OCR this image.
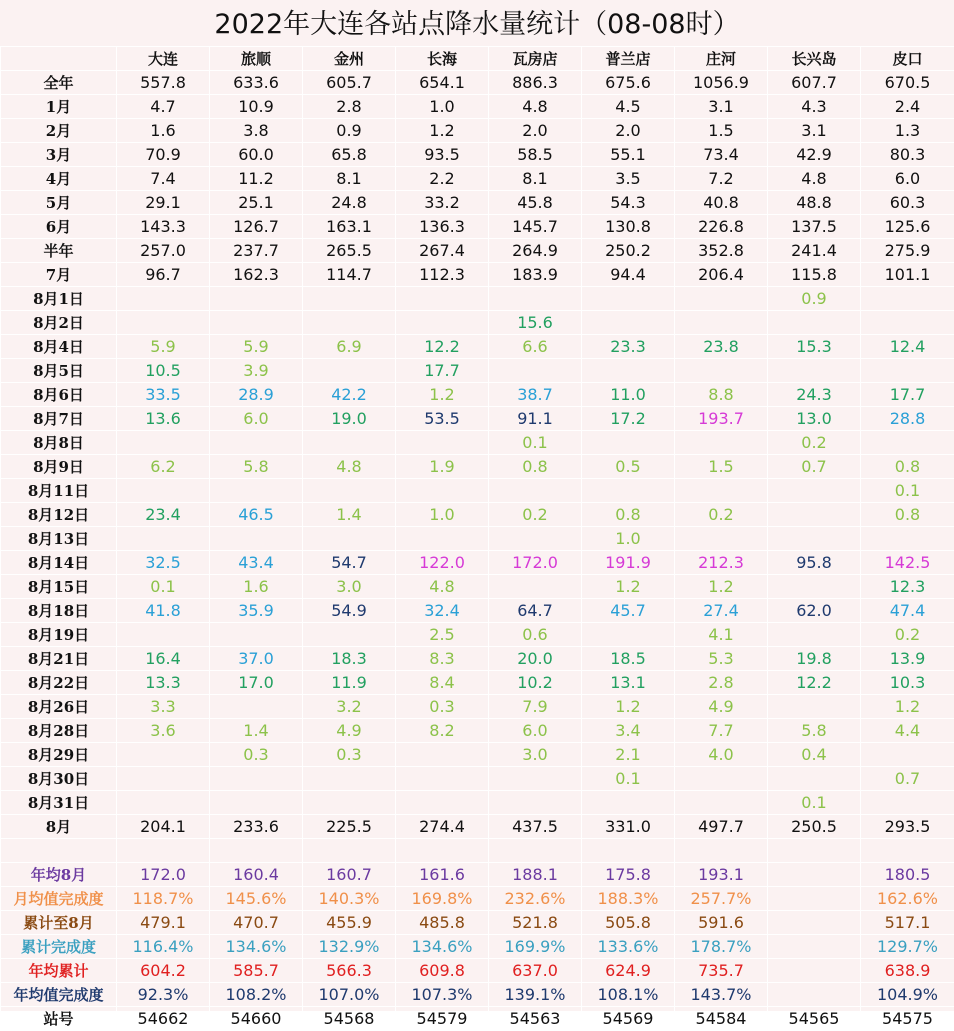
2022年大连各站点降水量统计（08-08时）
	大连	旅顺	金州	长海	瓦房店	普兰店	庄河	长兴岛	皮口
全年	557.8	633.6	605.7	654.1	886.3	675.6	1056.9	607.7	670.5
1月	4.7	10.9	2.8	1.0	4.8	4.5	3.1	4.3	2.4
2月	1.6	3.8	0.9	1.2	2.0	2.0	1.5	3.1	1.3
3月	70.9	60.0	65.8	93.5	58.5	55.1	73.4	42.9	80.3
4月	7.4	11.2	8.1	2.2	8.1	3.5	7.2	4.8	6.0
5月	29.1	25.1	24.8	33.2	45.8	54.3	40.8	48.8	60.3
6月	143.3	126.7	163.1	136.3	145.7	130.8	226.8	137.5	125.6
半年	257.0	237.7	265.5	267.4	264.9	250.2	352.8	241.4	275.9
7月	96.7	162.3	114.7	112.3	183.9	94.4	206.4	115.8	101.1
8月1日								0.9	
8月2日					15.6				
8月4日	5.9	5.9	6.9	12.2	6.6	23.3	23.8	15.3	12.4
8月5日	10.5	3.9		17.7					
8月6日	33.5	28.9	42.2	1.2	38.7	11.0	8.8	24.3	17.7
8月7日	13.6	6.0	19.0	53.5	91.1	17.2	193.7	13.0	28.8
8月8日					0.1			0.2	
8月9日	6.2	5.8	4.8	1.9	0.8	0.5	1.5	0.7	0.8
8月11日									0.1
8月12日	23.4	46.5	1.4	1.0	0.2	0.8	0.2		0.8
8月13日						1.0			
8月14日	32.5	43.4	54.7	122.0	172.0	191.9	212.3	95.8	142.5
8月15日	0.1	1.6	3.0	4.8		1.2	1.2		12.3
8月18日	41.8	35.9	54.9	32.4	64.7	45.7	27.4	62.0	47.4
8月19日				2.5	0.6		4.1		0.2
8月21日	16.4	37.0	18.3	8.3	20.0	18.5	5.3	19.8	13.9
8月22日	13.3	17.0	11.9	8.4	10.2	13.1	2.8	12.2	10.3
8月26日	3.3		3.2	0.3	7.9	1.2	4.9		1.2
8月28日	3.6	1.4	4.9	8.2	6.0	3.4	7.7	5.8	4.4
8月29日		0.3	0.3		3.0	2.1	4.0	0.4	
8月30日						0.1			0.7
8月31日								0.1	
8月	204.1	233.6	225.5	274.4	437.5	331.0	497.7	250.5	293.5

年均8月	172.0	160.4	160.7	161.6	188.1	175.8	193.1		180.5
月均值完成度	118.7%	145.6%	140.3%	169.8%	232.6%	188.3%	257.7%		162.6%
累计至8月	479.1	470.7	455.9	485.8	521.8	505.8	591.6		517.1
累计完成度	116.4%	134.6%	132.9%	134.6%	169.9%	133.6%	178.7%		129.7%
年均累计	604.2	585.7	566.3	609.8	637.0	624.9	735.7		638.9
年均值完成度	92.3%	108.2%	107.0%	107.3%	139.1%	108.1%	143.7%		104.9%
站号	54662	54660	54568	54579	54563	54569	54584	54565	54575
